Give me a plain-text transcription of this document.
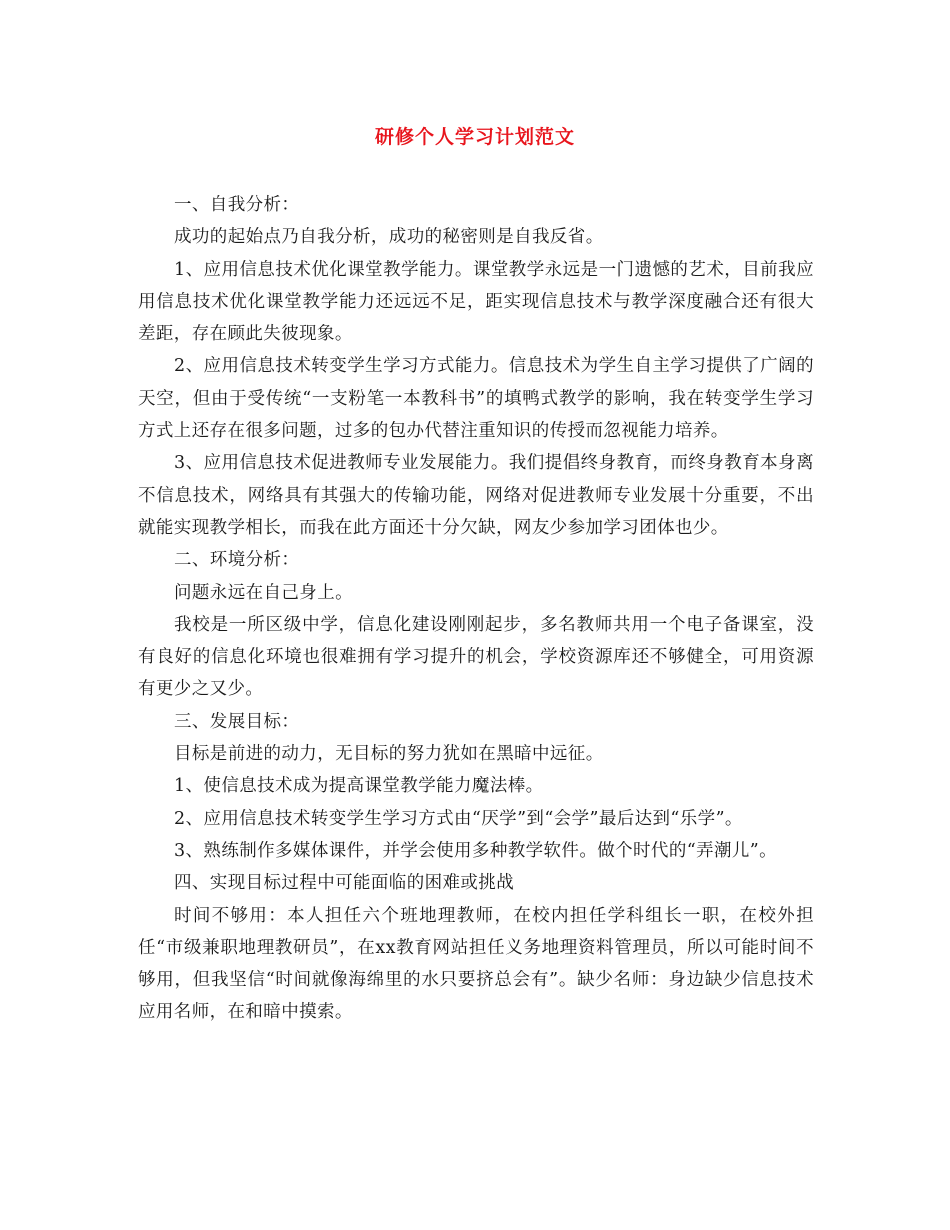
研修个人学习计划范文

一、自我分析：

成功的起始点乃自我分析，成功的秘密则是自我反省。

1、应用信息技术优化课堂教学能力。课堂教学永远是一门遗憾的艺术，目前我应用信息技术优化课堂教学能力还远远不足，距实现信息技术与教学深度融合还有很大差距，存在顾此失彼现象。

2、应用信息技术转变学生学习方式能力。信息技术为学生自主学习提供了广阔的天空，但由于受传统“一支粉笔一本教科书”的填鸭式教学的影响，我在转变学生学习方式上还存在很多问题，过多的包办代替注重知识的传授而忽视能力培养。

3、应用信息技术促进教师专业发展能力。我们提倡终身教育，而终身教育本身离不信息技术，网络具有其强大的传输功能，网络对促进教师专业发展十分重要，不出就能实现教学相长，而我在此方面还十分欠缺，网友少参加学习团体也少。

二、环境分析：

问题永远在自己身上。

我校是一所区级中学，信息化建设刚刚起步，多名教师共用一个电子备课室，没有良好的信息化环境也很难拥有学习提升的机会，学校资源库还不够健全，可用资源有更少之又少。

三、发展目标：

目标是前进的动力，无目标的努力犹如在黑暗中远征。

1、使信息技术成为提高课堂教学能力魔法棒。

2、应用信息技术转变学生学习方式由“厌学”到“会学”最后达到“乐学”。

3、熟练制作多媒体课件，并学会使用多种教学软件。做个时代的“弄潮儿”。

四、实现目标过程中可能面临的困难或挑战

时间不够用：本人担任六个班地理教师，在校内担任学科组长一职，在校外担任“市级兼职地理教研员”，在xx教育网站担任义务地理资料管理员，所以可能时间不够用，但我坚信“时间就像海绵里的水只要挤总会有”。缺少名师：身边缺少信息技术应用名师，在和暗中摸索。
